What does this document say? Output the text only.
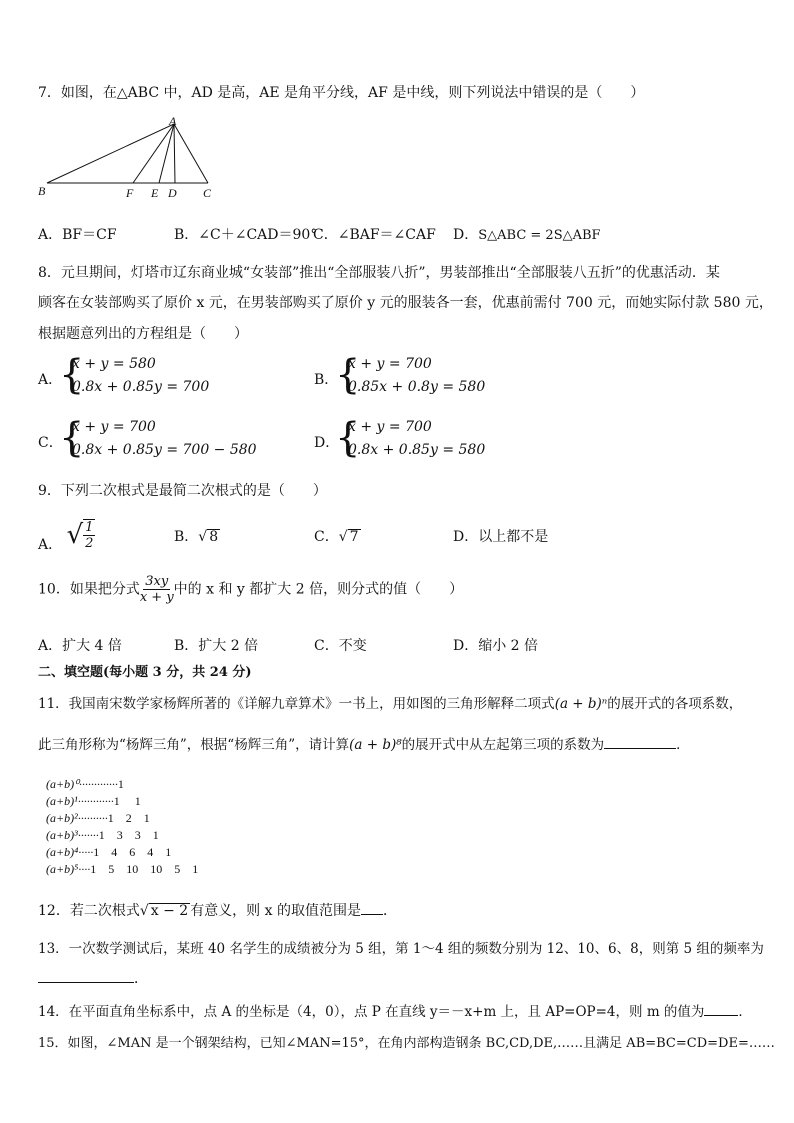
7．如图，在△ABC 中，AD 是高，AE 是角平分线，AF 是中线，则下列说法中错误的是（　　）
A
B	F E D C
A．BF＝CF	B．∠C＋∠CAD＝90°
C．∠BAF＝∠CAF D．S△ABC = 2S△ABF
8．元旦期间，灯塔市辽东商业城“女装部”推出“全部服装八折”，男装部推出“全部服装八五折”的优惠活动．某
顾客在女装部购买了原价 x 元，在男装部购买了原价 y 元的服装各一套，优惠前需付 700 元，而她实际付款 580 元，
根据题意列出的方程组是（　　）
A．
{
x + y = 580
0.8x + 0.85y = 700	B．
{
x + y = 700
0.85x + 0.8y = 580
C．
{
x + y = 700
0.8x + 0.85y = 700 − 580	D．
{
x + y = 700
0.8x + 0.85y = 580
9．下列二次根式是最简二次根式的是（　　）
A． √ $\frac{1}{2}$	B．√ 8	C．√ 7	D．以上都不是
10．如果把分式 $\frac{3xy}{x + y}$ 中的 x 和 y 都扩大 2 倍，则分式的值（　　）
A．扩大 4 倍	B．扩大 2 倍	C．不变	D．缩小 2 倍
二、填空题(每小题 3 分，共 24 分)
11．我国南宋数学家杨辉所著的《详解九章算术》一书上，用如图的三角形解释二项式(a + b)ⁿ的展开式的各项系数，
此三角形称为“杨辉三角”，根据“杨辉三角”，请计算(a + b)⁸的展开式中从左起第三项的系数为	．
(a+b)⁰·············1
(a+b)¹············1　 1
(a+b)²··········1　2　1
(a+b)³·······1　3　3　1
(a+b)⁴·····1　4　6　4　1
(a+b)⁵····1　5　10　10　5　1
12．若二次根式√ x − 2 有意义，则 x 的取值范围是 ．
13．一次数学测试后，某班 40 名学生的成绩被分为 5 组，第 1～4 组的频数分别为 12、10、6、8，则第 5 组的频率为
．
14．在平面直角坐标系中，点 A 的坐标是（4，0），点 P 在直线 y＝－x+m 上，且 AP=OP=4，则 m 的值为	．
15．如图，∠MAN 是一个钢架结构，已知∠MAN=15°，在角内部构造钢条 BC,CD,DE,……且满足 AB=BC=CD=DE=……
